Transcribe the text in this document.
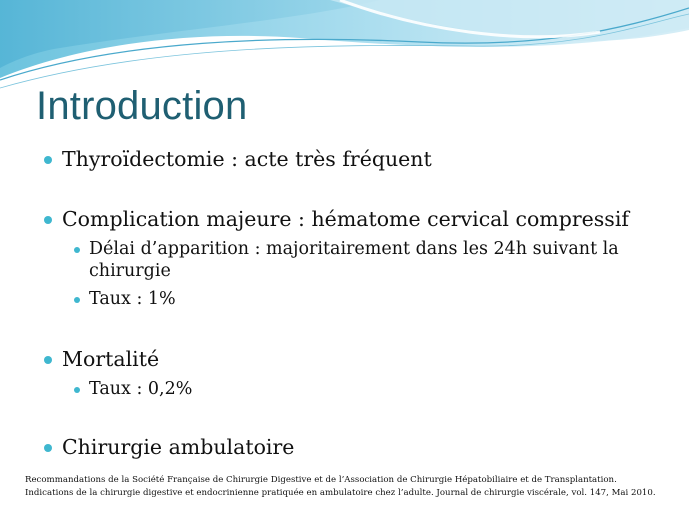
Introduction
Thyroïdectomie : acte très fréquent
Complication majeure : hématome cervical compressif
Délai d’apparition : majoritairement dans les 24h suivant la chirurgie
Taux : 1%
Mortalité
Taux : 0,2%
Chirurgie ambulatoire
Recommandations de la Société Française de Chirurgie Digestive et de l’Association de Chirurgie Hépatobiliaire et de Transplantation.
Indications de la chirurgie digestive et endocrinienne pratiquée en ambulatoire chez l’adulte. Journal de chirurgie viscérale, vol. 147, Mai 2010.
